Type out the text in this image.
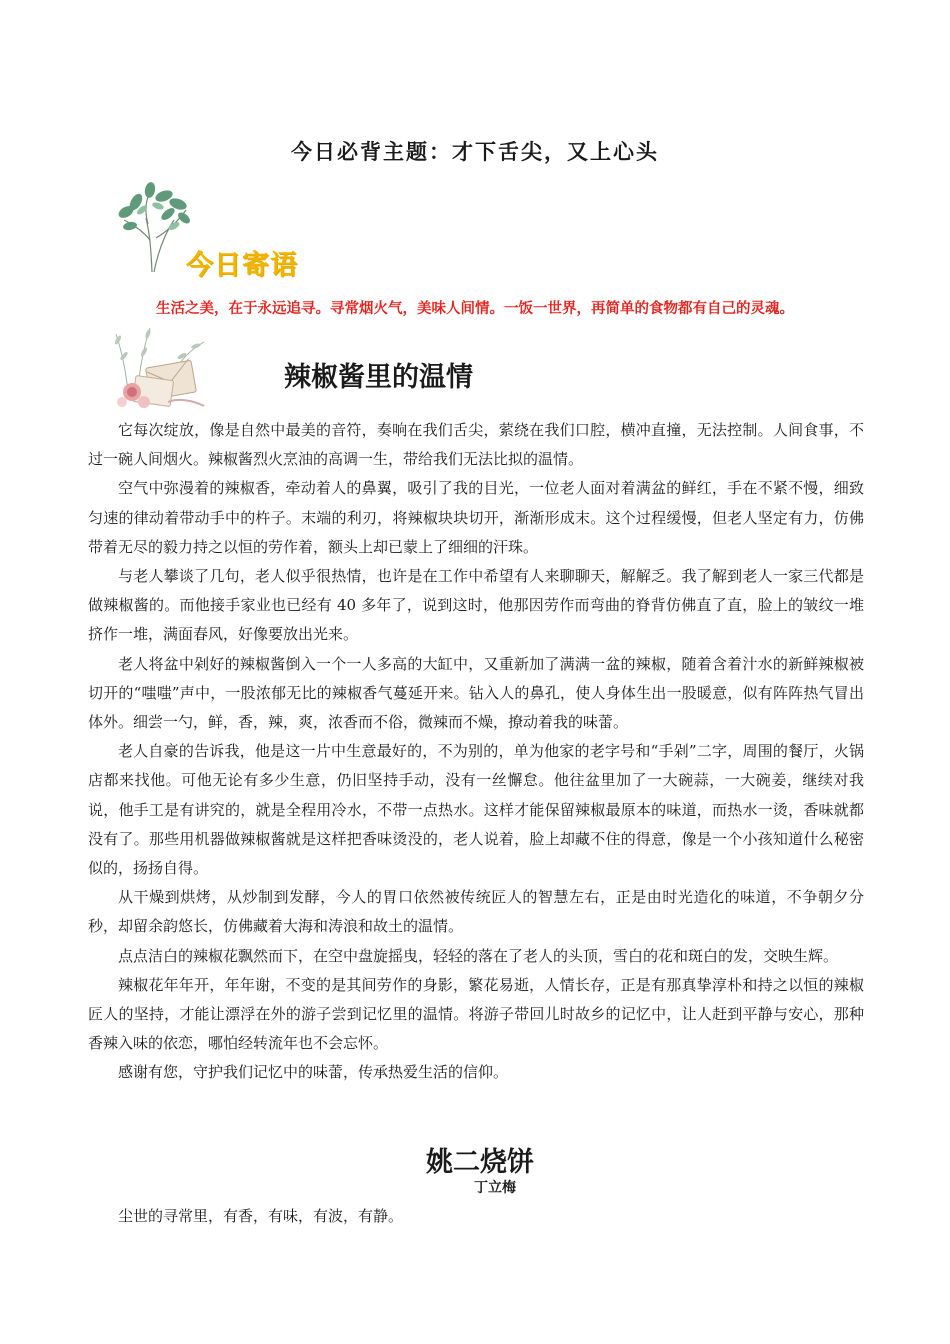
今日必背主题：才下舌尖，又上心头
今日寄语
生活之美，在于永远追寻。寻常烟火气，美味人间情。一饭一世界，再简单的食物都有自己的灵魂。
辣椒酱里的温情

它每次绽放，像是自然中最美的音符，奏响在我们舌尖，萦绕在我们口腔，横冲直撞，无法控制。人间食事，不过一碗人间烟火。辣椒酱烈火烹油的高调一生，带给我们无法比拟的温情。

空气中弥漫着的辣椒香，牵动着人的鼻翼，吸引了我的目光，一位老人面对着满盆的鲜红，手在不紧不慢，细致匀速的律动着带动手中的杵子。末端的利刃，将辣椒块块切开，渐渐形成末。这个过程缓慢，但老人坚定有力，仿佛带着无尽的毅力持之以恒的劳作着，额头上却已蒙上了细细的汗珠。

与老人攀谈了几句，老人似乎很热情，也许是在工作中希望有人来聊聊天，解解乏。我了解到老人一家三代都是做辣椒酱的。而他接手家业也已经有 40 多年了，说到这时，他那因劳作而弯曲的脊背仿佛直了直，脸上的皱纹一堆挤作一堆，满面春风，好像要放出光来。

老人将盆中剁好的辣椒酱倒入一个一人多高的大缸中，又重新加了满满一盆的辣椒，随着含着汁水的新鲜辣椒被切开的“嗤嗤”声中，一股浓郁无比的辣椒香气蔓延开来。钻入人的鼻孔，使人身体生出一股暖意，似有阵阵热气冒出体外。细尝一勺，鲜，香，辣，爽，浓香而不俗，微辣而不燥，撩动着我的味蕾。

老人自豪的告诉我，他是这一片中生意最好的，不为别的，单为他家的老字号和“手剁”二字，周围的餐厅，火锅店都来找他。可他无论有多少生意，仍旧坚持手动，没有一丝懈怠。他往盆里加了一大碗蒜，一大碗姜，继续对我说，他手工是有讲究的，就是全程用冷水，不带一点热水。这样才能保留辣椒最原本的味道，而热水一烫，香味就都没有了。那些用机器做辣椒酱就是这样把香味烫没的，老人说着，脸上却藏不住的得意，像是一个小孩知道什么秘密似的，扬扬自得。

从干燥到烘烤，从炒制到发酵，今人的胃口依然被传统匠人的智慧左右，正是由时光造化的味道，不争朝夕分秒，却留余韵悠长，仿佛藏着大海和涛浪和故土的温情。

点点洁白的辣椒花飘然而下，在空中盘旋摇曳，轻轻的落在了老人的头顶，雪白的花和斑白的发，交映生辉。

辣椒花年年开，年年谢，不变的是其间劳作的身影，繁花易逝，人情长存，正是有那真挚淳朴和持之以恒的辣椒匠人的坚持，才能让漂浮在外的游子尝到记忆里的温情。将游子带回儿时故乡的记忆中，让人赶到平静与安心，那种香辣入味的依恋，哪怕经转流年也不会忘怀。

感谢有您，守护我们记忆中的味蕾，传承热爱生活的信仰。

姚二烧饼
丁立梅

尘世的寻常里，有香，有味，有波，有静。
